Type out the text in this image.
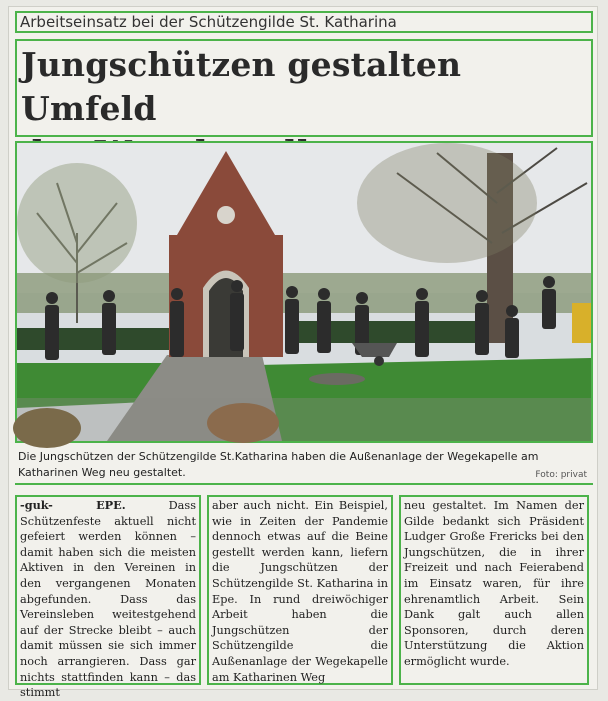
Arbeitseinsatz bei der Schützengilde St. Katharina
Jungschützen gestalten Umfeld
Die Jungschützen der Schützengilde St.Katharina haben die Außenanlage der Wegekapelle am Katharinen Weg neu gestaltet.	Foto: privat

-guk- EPE.	Dass Schützenfeste aktuell nicht gefeiert werden können – damit haben sich die meisten Aktiven in den Vereinen in den vergangenen Monaten abgefunden. Dass das Vereinsleben weitestgehend auf der Strecke bleibt – auch damit müssen sie sich immer noch arrangieren. Dass gar nichts stattfinden kann – das stimmt

aber auch nicht. Ein Beispiel, wie in Zeiten der Pandemie dennoch etwas auf die Beine gestellt werden kann, liefern die Jungschützen der Schützengilde St. Katharina in Epe. In rund dreiwöchiger Arbeit haben die Jungschützen der Schützengilde die Außenanlage der Wegekapelle am Katharinen Weg

neu gestaltet. Im Namen der Gilde bedankt sich Präsident Ludger Große Frericks bei den Jungschützen, die in ihrer Freizeit und nach Feierabend im Einsatz waren, für ihre ehrenamtlich Arbeit. Sein Dank galt auch allen Sponsoren, durch deren Unterstützung die Aktion ermöglicht wurde.
